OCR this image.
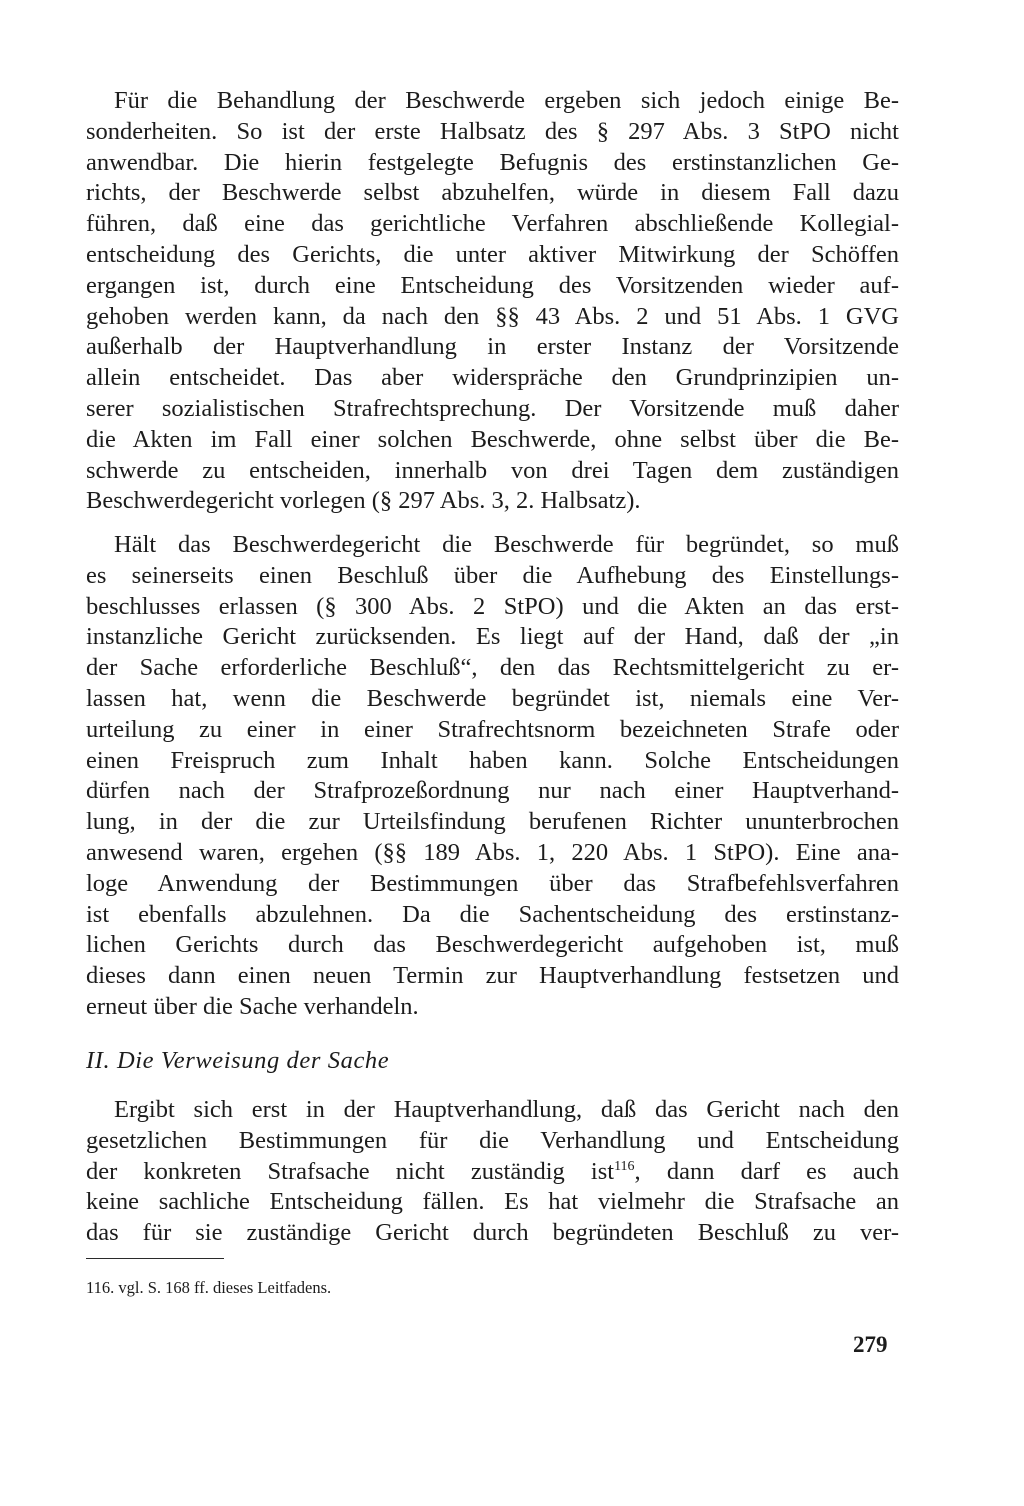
Für die Behandlung der Beschwerde ergeben sich jedoch einige Be-
sonderheiten. So ist der erste Halbsatz des § 297 Abs. 3 StPO nicht
anwendbar. Die hierin festgelegte Befugnis des erstinstanzlichen Ge-
richts, der Beschwerde selbst abzuhelfen, würde in diesem Fall dazu
führen, daß eine das gerichtliche Verfahren abschließende Kollegial-
entscheidung des Gerichts, die unter aktiver Mitwirkung der Schöffen
ergangen ist, durch eine Entscheidung des Vorsitzenden wieder auf-
gehoben werden kann, da nach den §§ 43 Abs. 2 und 51 Abs. 1 GVG
außerhalb der Hauptverhandlung in erster Instanz der Vorsitzende
allein entscheidet. Das aber widerspräche den Grundprinzipien un-
serer sozialistischen Strafrechtsprechung. Der Vorsitzende muß daher
die Akten im Fall einer solchen Beschwerde, ohne selbst über die Be-
schwerde zu entscheiden, innerhalb von drei Tagen dem zuständigen
Beschwerdegericht vorlegen (§ 297 Abs. 3, 2. Halbsatz).
Hält das Beschwerdegericht die Beschwerde für begründet, so muß
es seinerseits einen Beschluß über die Aufhebung des Einstellungs-
beschlusses erlassen (§ 300 Abs. 2 StPO) und die Akten an das erst-
instanzliche Gericht zurücksenden. Es liegt auf der Hand, daß der „in
der Sache erforderliche Beschluß“, den das Rechtsmittelgericht zu er-
lassen hat, wenn die Beschwerde begründet ist, niemals eine Ver-
urteilung zu einer in einer Strafrechtsnorm bezeichneten Strafe oder
einen Freispruch zum Inhalt haben kann. Solche Entscheidungen
dürfen nach der Strafprozeßordnung nur nach einer Hauptverhand-
lung, in der die zur Urteilsfindung berufenen Richter ununterbrochen
anwesend waren, ergehen (§§ 189 Abs. 1, 220 Abs. 1 StPO). Eine ana-
loge Anwendung der Bestimmungen über das Strafbefehlsverfahren
ist ebenfalls abzulehnen. Da die Sachentscheidung des erstinstanz-
lichen Gerichts durch das Beschwerdegericht aufgehoben ist, muß
dieses dann einen neuen Termin zur Hauptverhandlung festsetzen und
erneut über die Sache verhandeln.
II. Die Verweisung der Sache
Ergibt sich erst in der Hauptverhandlung, daß das Gericht nach den
gesetzlichen Bestimmungen für die Verhandlung und Entscheidung
der konkreten Strafsache nicht zuständig ist$^{116}$, dann darf es auch
keine sachliche Entscheidung fällen. Es hat vielmehr die Strafsache an
das für sie zuständige Gericht durch begründeten Beschluß zu ver-
116. vgl. S. 168 ff. dieses Leitfadens.
279
